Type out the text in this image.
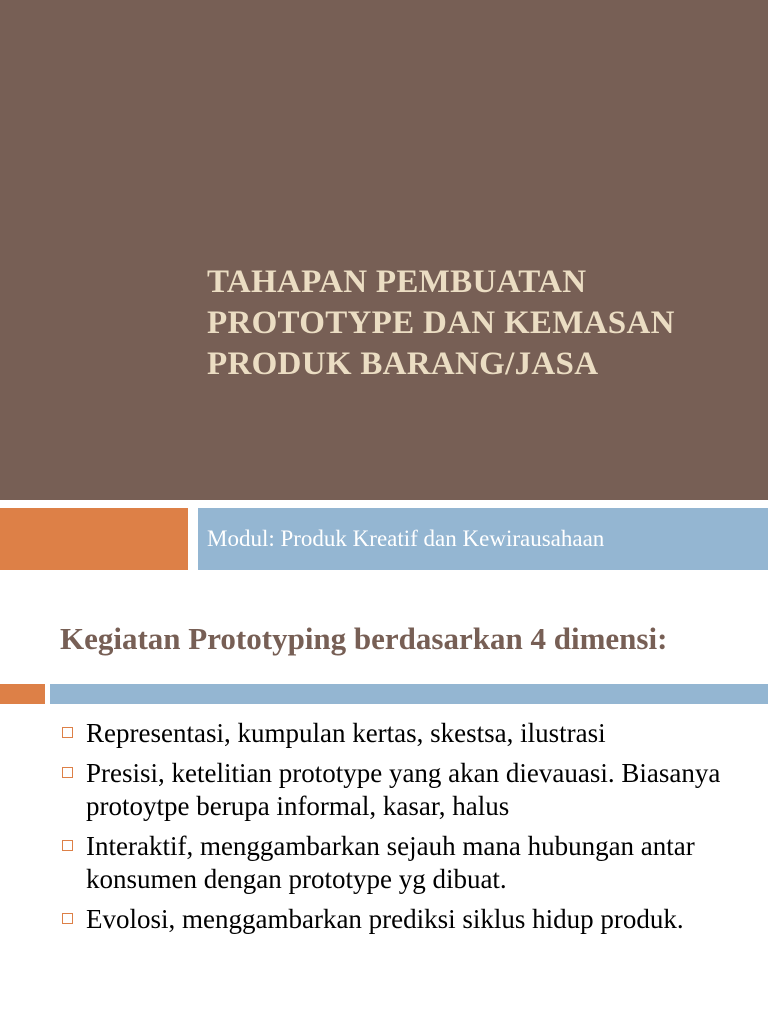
TAHAPAN PEMBUATAN PROTOTYPE DAN KEMASAN PRODUK BARANG/JASA

Modul: Produk Kreatif dan Kewirausahaan

Kegiatan Prototyping berdasarkan 4 dimensi:
Representasi, kumpulan kertas, skestsa, ilustrasi
Presisi, ketelitian prototype yang akan dievauasi. Biasanya protoytpe berupa informal, kasar, halus
Interaktif, menggambarkan sejauh mana hubungan antar konsumen dengan prototype yg dibuat.
Evolosi, menggambarkan prediksi siklus hidup produk.
